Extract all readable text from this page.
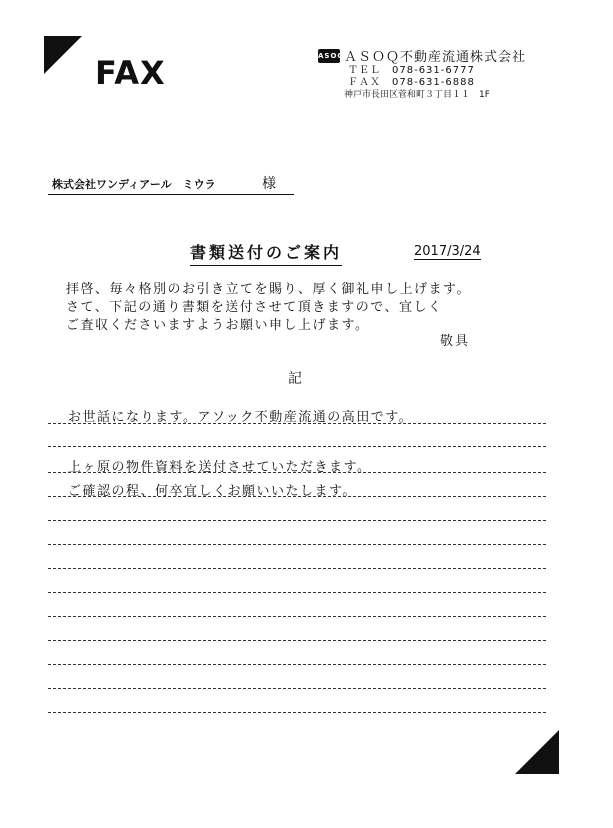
FAX	ASOQ ＡＳＯＱ不動産流通株式会社
ＴＥＬ　078-631-6777
ＦＡＸ　078-631-6888
神戸市長田区菅和町３丁目１１　1F
株式会社ワンディアール　ミウラ	様
書類送付のご案内	2017/3/24
拝啓、毎々格別のお引き立てを賜り、厚く御礼申し上げます。
さて、下記の通り書類を送付させて頂きますので、宜しく
ご査収くださいますようお願い申し上げます。
敬具
記
お世話になります。アソック不動産流通の高田です。
上ヶ原の物件資料を送付させていただきます。
ご確認の程、何卒宜しくお願いいたします。
